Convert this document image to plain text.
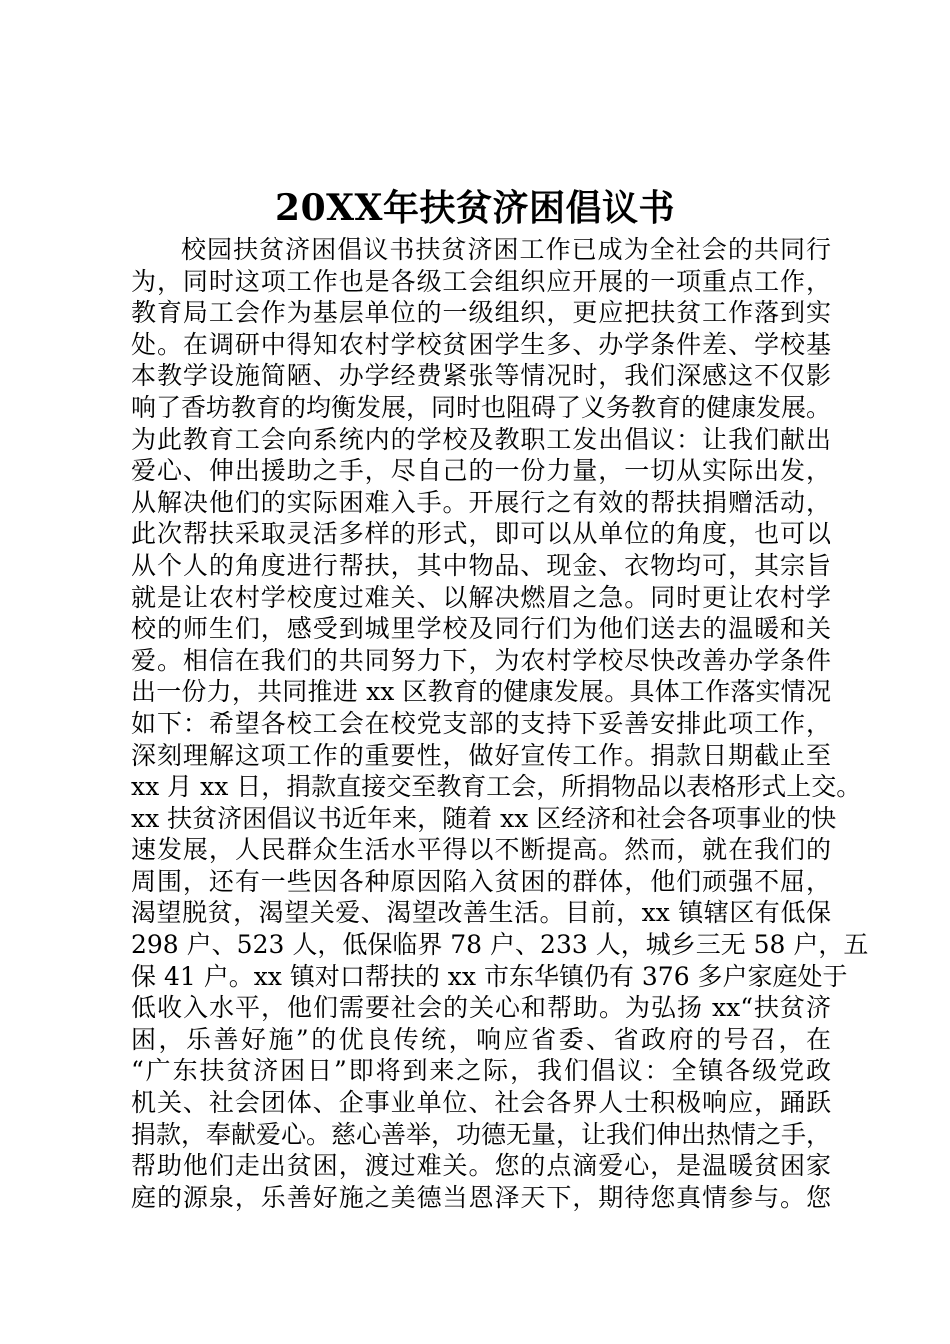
20XX年扶贫济困倡议书
校园扶贫济困倡议书扶贫济困工作已成为全社会的共同行
为，同时这项工作也是各级工会组织应开展的一项重点工作，
教育局工会作为基层单位的一级组织，更应把扶贫工作落到实
处。在调研中得知农村学校贫困学生多、办学条件差、学校基
本教学设施简陋、办学经费紧张等情况时，我们深感这不仅影
响了香坊教育的均衡发展，同时也阻碍了义务教育的健康发展。
为此教育工会向系统内的学校及教职工发出倡议：让我们献出
爱心、伸出援助之手，尽自己的一份力量，一切从实际出发，
从解决他们的实际困难入手。开展行之有效的帮扶捐赠活动，
此次帮扶采取灵活多样的形式，即可以从单位的角度，也可以
从个人的角度进行帮扶，其中物品、现金、衣物均可，其宗旨
就是让农村学校度过难关、以解决燃眉之急。同时更让农村学
校的师生们，感受到城里学校及同行们为他们送去的温暖和关
爱。相信在我们的共同努力下，为农村学校尽快改善办学条件
出一份力，共同推进 xx 区教育的健康发展。具体工作落实情况
如下：希望各校工会在校党支部的支持下妥善安排此项工作，
深刻理解这项工作的重要性，做好宣传工作。捐款日期截止至
xx 月 xx 日，捐款直接交至教育工会，所捐物品以表格形式上交。
xx 扶贫济困倡议书近年来，随着 xx 区经济和社会各项事业的快
速发展，人民群众生活水平得以不断提高。然而，就在我们的
周围，还有一些因各种原因陷入贫困的群体，他们顽强不屈，
渴望脱贫，渴望关爱、渴望改善生活。目前，xx 镇辖区有低保
298 户、523 人，低保临界 78 户、233 人，城乡三无 58 户，五
保 41 户。xx 镇对口帮扶的 xx 市东华镇仍有 376 多户家庭处于
低收入水平，他们需要社会的关心和帮助。为弘扬 xx“扶贫济
困，乐善好施”的优良传统，响应省委、省政府的号召，在
“广东扶贫济困日”即将到来之际，我们倡议：全镇各级党政
机关、社会团体、企事业单位、社会各界人士积极响应，踊跃
捐款，奉献爱心。慈心善举，功德无量，让我们伸出热情之手，
帮助他们走出贫困，渡过难关。您的点滴爱心，是温暖贫困家
庭的源泉，乐善好施之美德当恩泽天下，期待您真情参与。您
